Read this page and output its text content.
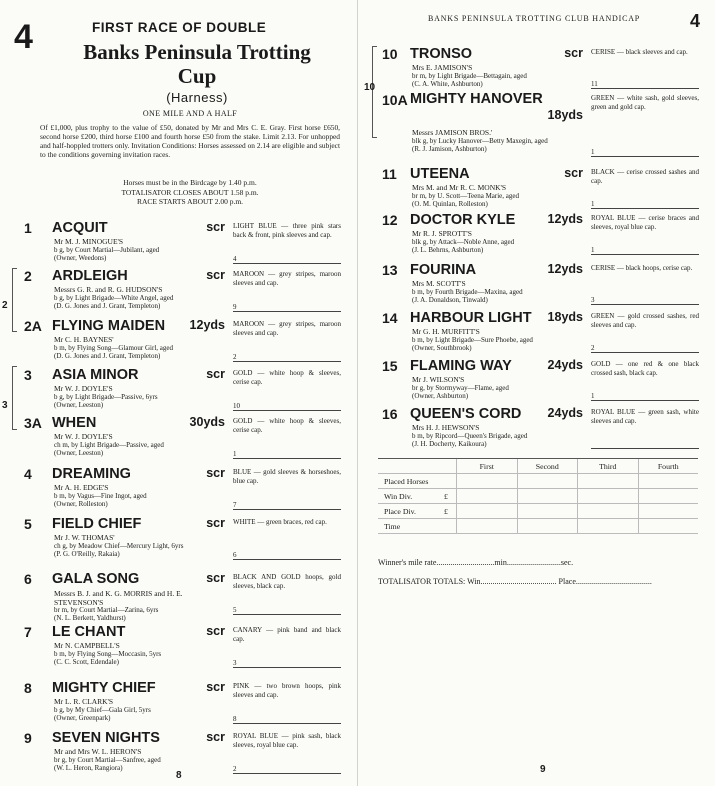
4	FIRST RACE OF DOUBLE
Banks Peninsula Trotting
Cup
(Harness)
ONE MILE AND A HALF
Of £1,000, plus trophy to the value of £50, donated by Mr and Mrs C. E. Gray. First horse £650, second horse £200, third horse £100 and fourth horse £50 from the stake. Limit 2.13. For unhopped and half-hoppled trotters only. Invitation Conditions: Horses assessed on 2.14 are eligible and subject to the conditions governing invitation races.
Horses must be in the Birdcage by 1.40 p.m.
TOTALISATOR CLOSES ABOUT 1.58 p.m.
RACE STARTS ABOUT 2.00 p.m.
2
3
1 ACQUIT	scr
Mr M. J. MINOGUE'S
b g, by Court Martial—Jubilant, aged
(Owner, Weedons)
LIGHT BLUE — three pink stars back & front, pink sleeves and cap.
4
2 ARDLEIGH	scr
Messrs G. R. and R. G. HUDSON'S
b g, by Light Brigade—White Angel, aged
(D. G. Jones and J. Grant, Templeton)
MAROON — grey stripes, maroon sleeves and cap.
9
2A FLYING MAIDEN 12yds
Mr C. H. BAYNES'
b m, by Flying Song—Glamour Girl, aged
(D. G. Jones and J. Grant, Templeton)
MAROON — grey stripes, maroon sleeves and cap.
2
3 ASIA MINOR	scr
Mr W. J. DOYLE'S
b g, by Light Brigade—Passive, 6yrs
(Owner, Leeston)
GOLD — white hoop & sleeves, cerise cap.
10
3A WHEN	30yds
Mr W. J. DOYLE'S
ch m, by Light Brigade—Passive, aged
(Owner, Leeston)
GOLD — white hoop & sleeves, cerise cap.
1
4 DREAMING	scr
Mr A. H. EDGE'S
b m, by Vagus—Fine Ingot, aged
(Owner, Rolleston)
BLUE — gold sleeves & horseshoes, blue cap.
7
5 FIELD CHIEF	scr
Mr J. W. THOMAS'
ch g, by Meadow Chief—Mercury Light, 6yrs
(P. G. O'Reilly, Rakaia)
WHITE — green braces, red cap.
6
6 GALA SONG	scr
Messrs B. J. and K. G. MORRIS and H. E. STEVENSON'S
br m, by Court Martial—Zarina, 6yrs
(N. L. Berkett, Yaldhurst)
BLACK AND GOLD hoops, gold sleeves, black cap.
5
7 LE CHANT	scr
Mr N. CAMPBELL'S
b m, by Flying Song—Moccasin, 5yrs
(C. C. Scott, Edendale)
CANARY — pink band and black cap.
3
8 MIGHTY CHIEF	scr
Mr L. R. CLARK'S
b g, by My Chief—Gala Girl, 5yrs
(Owner, Greenpark)
PINK — two brown hoops, pink sleeves and cap.
8
9 SEVEN NIGHTS	scr
Mr and Mrs W. L. HERON'S
br g, by Court Martial—Sanfree, aged
(W. L. Heron, Rangiora)
ROYAL BLUE — pink sash, black sleeves, royal blue cap.
2
8
BANKS PENINSULA TROTTING CLUB HANDICAP	4
10
10 TRONSO	scr
Mrs E. JAMISON'S
br m, by Light Brigade—Bettagain, aged
(C. A. White, Ashburton)
CERISE — black sleeves and cap.
11
10A MIGHTY HANOVER
18yds
Messrs JAMISON BROS.'
blk g, by Lucky Hanover—Betty Maxegin, aged
(R. J. Jamison, Ashburton)
GREEN — white sash, gold sleeves, green and gold cap.
1
11 UTEENA	scr
Mrs M. and Mr R. C. MONK'S
br m, by U. Scott—Teena Marie, aged
(O. M. Quinlan, Rolleston)
BLACK — cerise crossed sashes and cap.
1
12 DOCTOR KYLE	12yds
Mr R. J. SPROTT'S
blk g, by Attack—Noble Anne, aged
(J. L. Behrns, Ashburton)
ROYAL BLUE — cerise braces and sleeves, royal blue cap.
1
13 FOURINA	12yds
Mrs M. SCOTT'S
b m, by Fourth Brigade—Maxina, aged
(J. A. Donaldson, Tinwald)
CERISE — black hoops, cerise cap.
3
14 HARBOUR LIGHT 18yds
Mr G. H. MURFITT'S
b m, by Light Brigade—Sure Phoebe, aged
(Owner, Southbrook)
GREEN — gold crossed sashes, red sleeves and cap.
2
15 FLAMING WAY	24yds
Mr J. WILSON'S
br g, by Stormyway—Flame, aged
(Owner, Ashburton)
GOLD — one red & one black crossed sash, black cap.
1
16 QUEEN'S CORD 24yds
Mrs H. J. HEWSON'S
b m, by Ripcord—Queen's Brigade, aged
(J. H. Docherty, Kaikoura)
ROYAL BLUE — green sash, white sleeves and cap.
First	Second	Third	Fourth
Placed Horses
Win Div.	£
Place Div.	£
Time
Winner's mile rate.............................min...........................sec.
TOTALISATOR TOTALS: Win...................................... Place......................................
9
